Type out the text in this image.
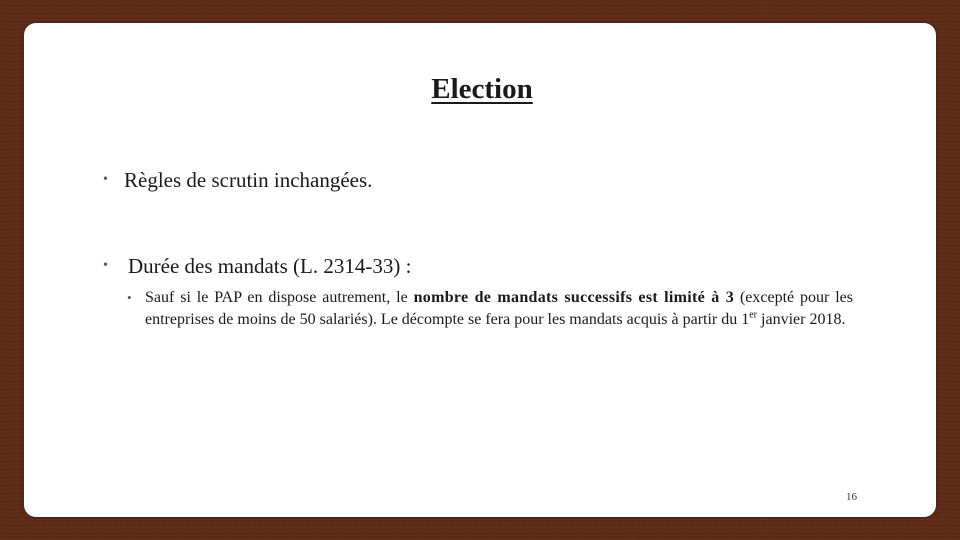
Election
• Règles de scrutin inchangées.
• Durée des mandats (L. 2314-33) :
• Sauf si le PAP en dispose autrement, le nombre de mandats successifs est limité à 3 (excepté pour les entreprises de moins de 50 salariés). Le décompte se fera pour les mandats acquis à partir du 1er janvier 2018.
16
